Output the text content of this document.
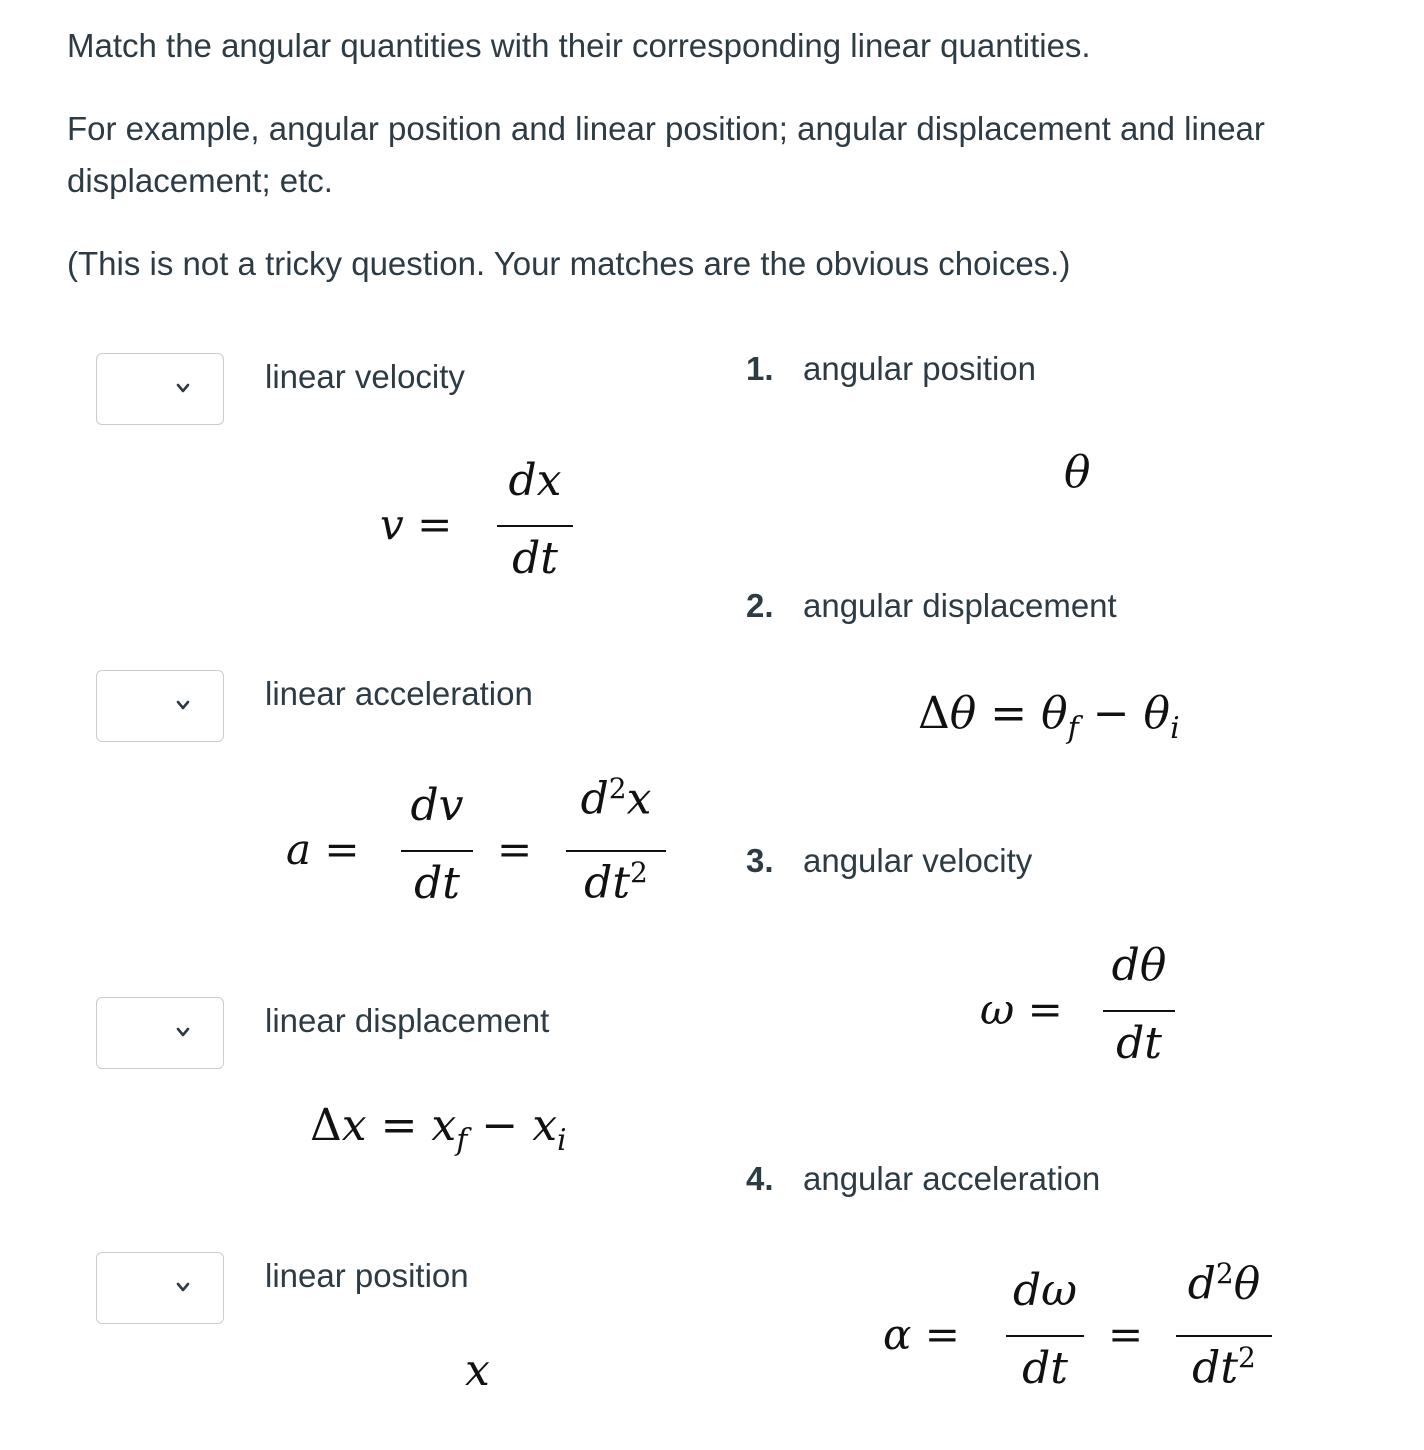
Match the angular quantities with their corresponding linear quantities.

For example, angular position and linear position; angular displacement and linear

displacement; etc.

(This is not a tricky question. Your matches are the obvious choices.)

linear velocity
linear acceleration
linear displacement
linear position
v =
dx
dt
a =
dv
dt
=
$d^2x$
$dt^2$
$\Delta x = x_f - x_i$
x
1. angular position
2. angular displacement
3. angular velocity
4. angular acceleration
θ
$\Delta\theta = \theta_f - \theta_i$
ω =
dθ
dt
α =
dω
dt
=
$d^2\theta$
$dt^2$
